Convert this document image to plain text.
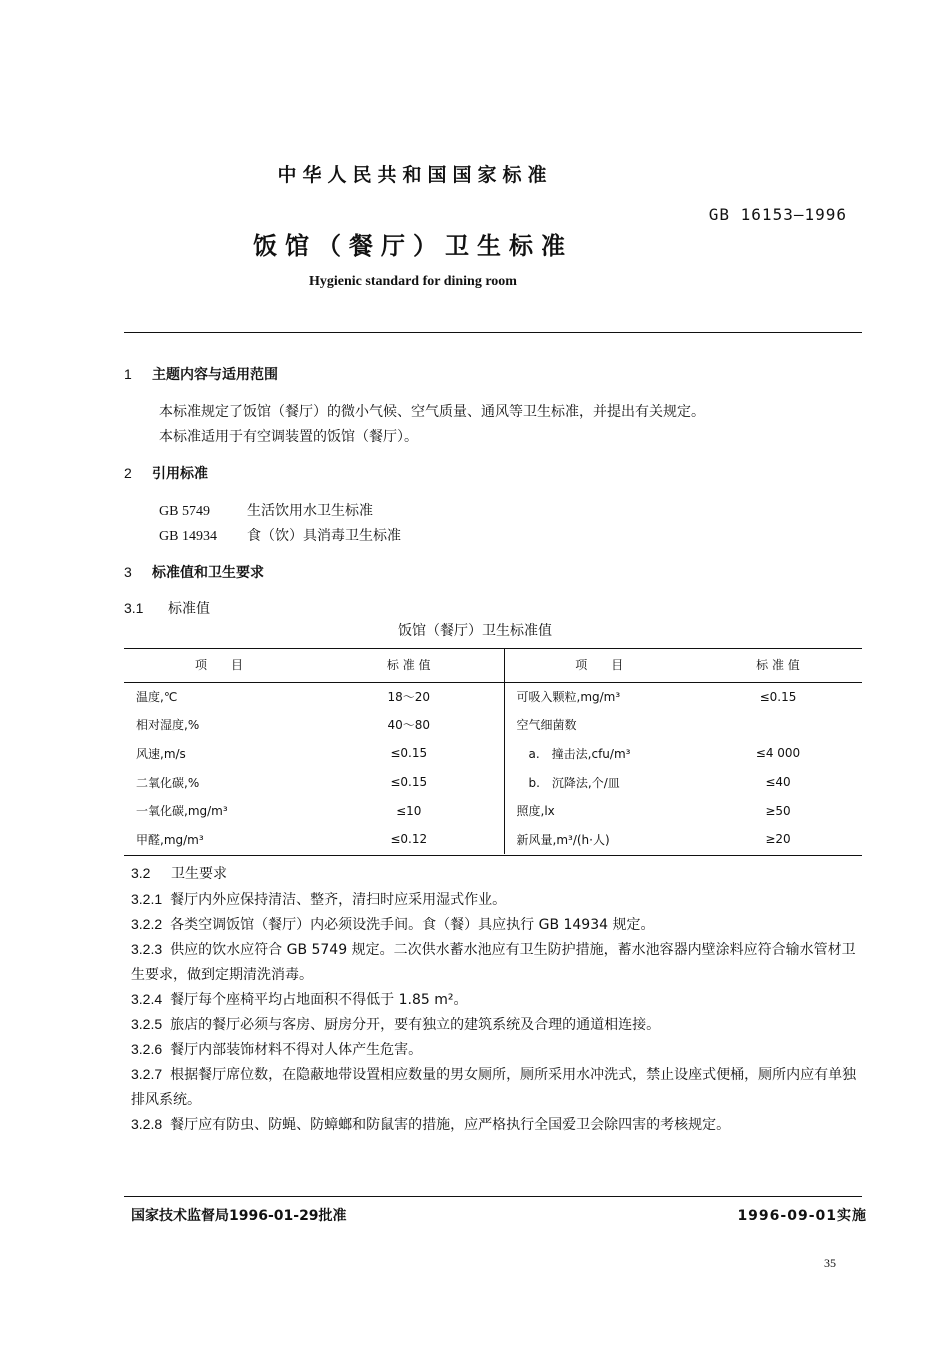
中华人民共和国国家标准
GB 16153—1996
饭馆（餐厅）卫生标准
Hygienic standard for dining room
1 主题内容与适用范围
本标准规定了饭馆（餐厅）的微小气候、空气质量、通风等卫生标准，并提出有关规定。
本标准适用于有空调装置的饭馆（餐厅）。
2 引用标准
GB 5749	生活饮用水卫生标准
GB 14934 食（饮）具消毒卫生标准
3 标准值和卫生要求
3.1 标准值
饭馆（餐厅）卫生标准值
项　　目	标 准 值	项　　目	标 准 值
温度,℃	18～20	可吸入颗粒,mg/m³	≤0.15
相对湿度,%	40～80	空气细菌数	
风速,m/s	≤0.15	a.　撞击法,cfu/m³	≤4 000
二氧化碳,%	≤0.15	b.　沉降法,个/皿	≤40
一氧化碳,mg/m³	≤10	照度,lx	≥50
甲醛,mg/m³	≤0.12	新风量,m³/(h·人)	≥20
3.2 卫生要求
3.2.1 餐厅内外应保持清洁、整齐，清扫时应采用湿式作业。
3.2.2 各类空调饭馆（餐厅）内必须设洗手间。食（餐）具应执行 GB 14934 规定。
3.2.3 供应的饮水应符合 GB 5749 规定。二次供水蓄水池应有卫生防护措施，蓄水池容器内壁涂料应符合输水管材卫生要求，做到定期清洗消毒。
3.2.4 餐厅每个座椅平均占地面积不得低于 1.85 m²。
3.2.5 旅店的餐厅必须与客房、厨房分开，要有独立的建筑系统及合理的通道相连接。
3.2.6 餐厅内部装饰材料不得对人体产生危害。
3.2.7 根据餐厅席位数，在隐蔽地带设置相应数量的男女厕所，厕所采用水冲洗式，禁止设座式便桶，厕所内应有单独排风系统。
3.2.8 餐厅应有防虫、防蝇、防蟑螂和防鼠害的措施，应严格执行全国爱卫会除四害的考核规定。
国家技术监督局1996-01-29批准	1996-09-01实施
35
